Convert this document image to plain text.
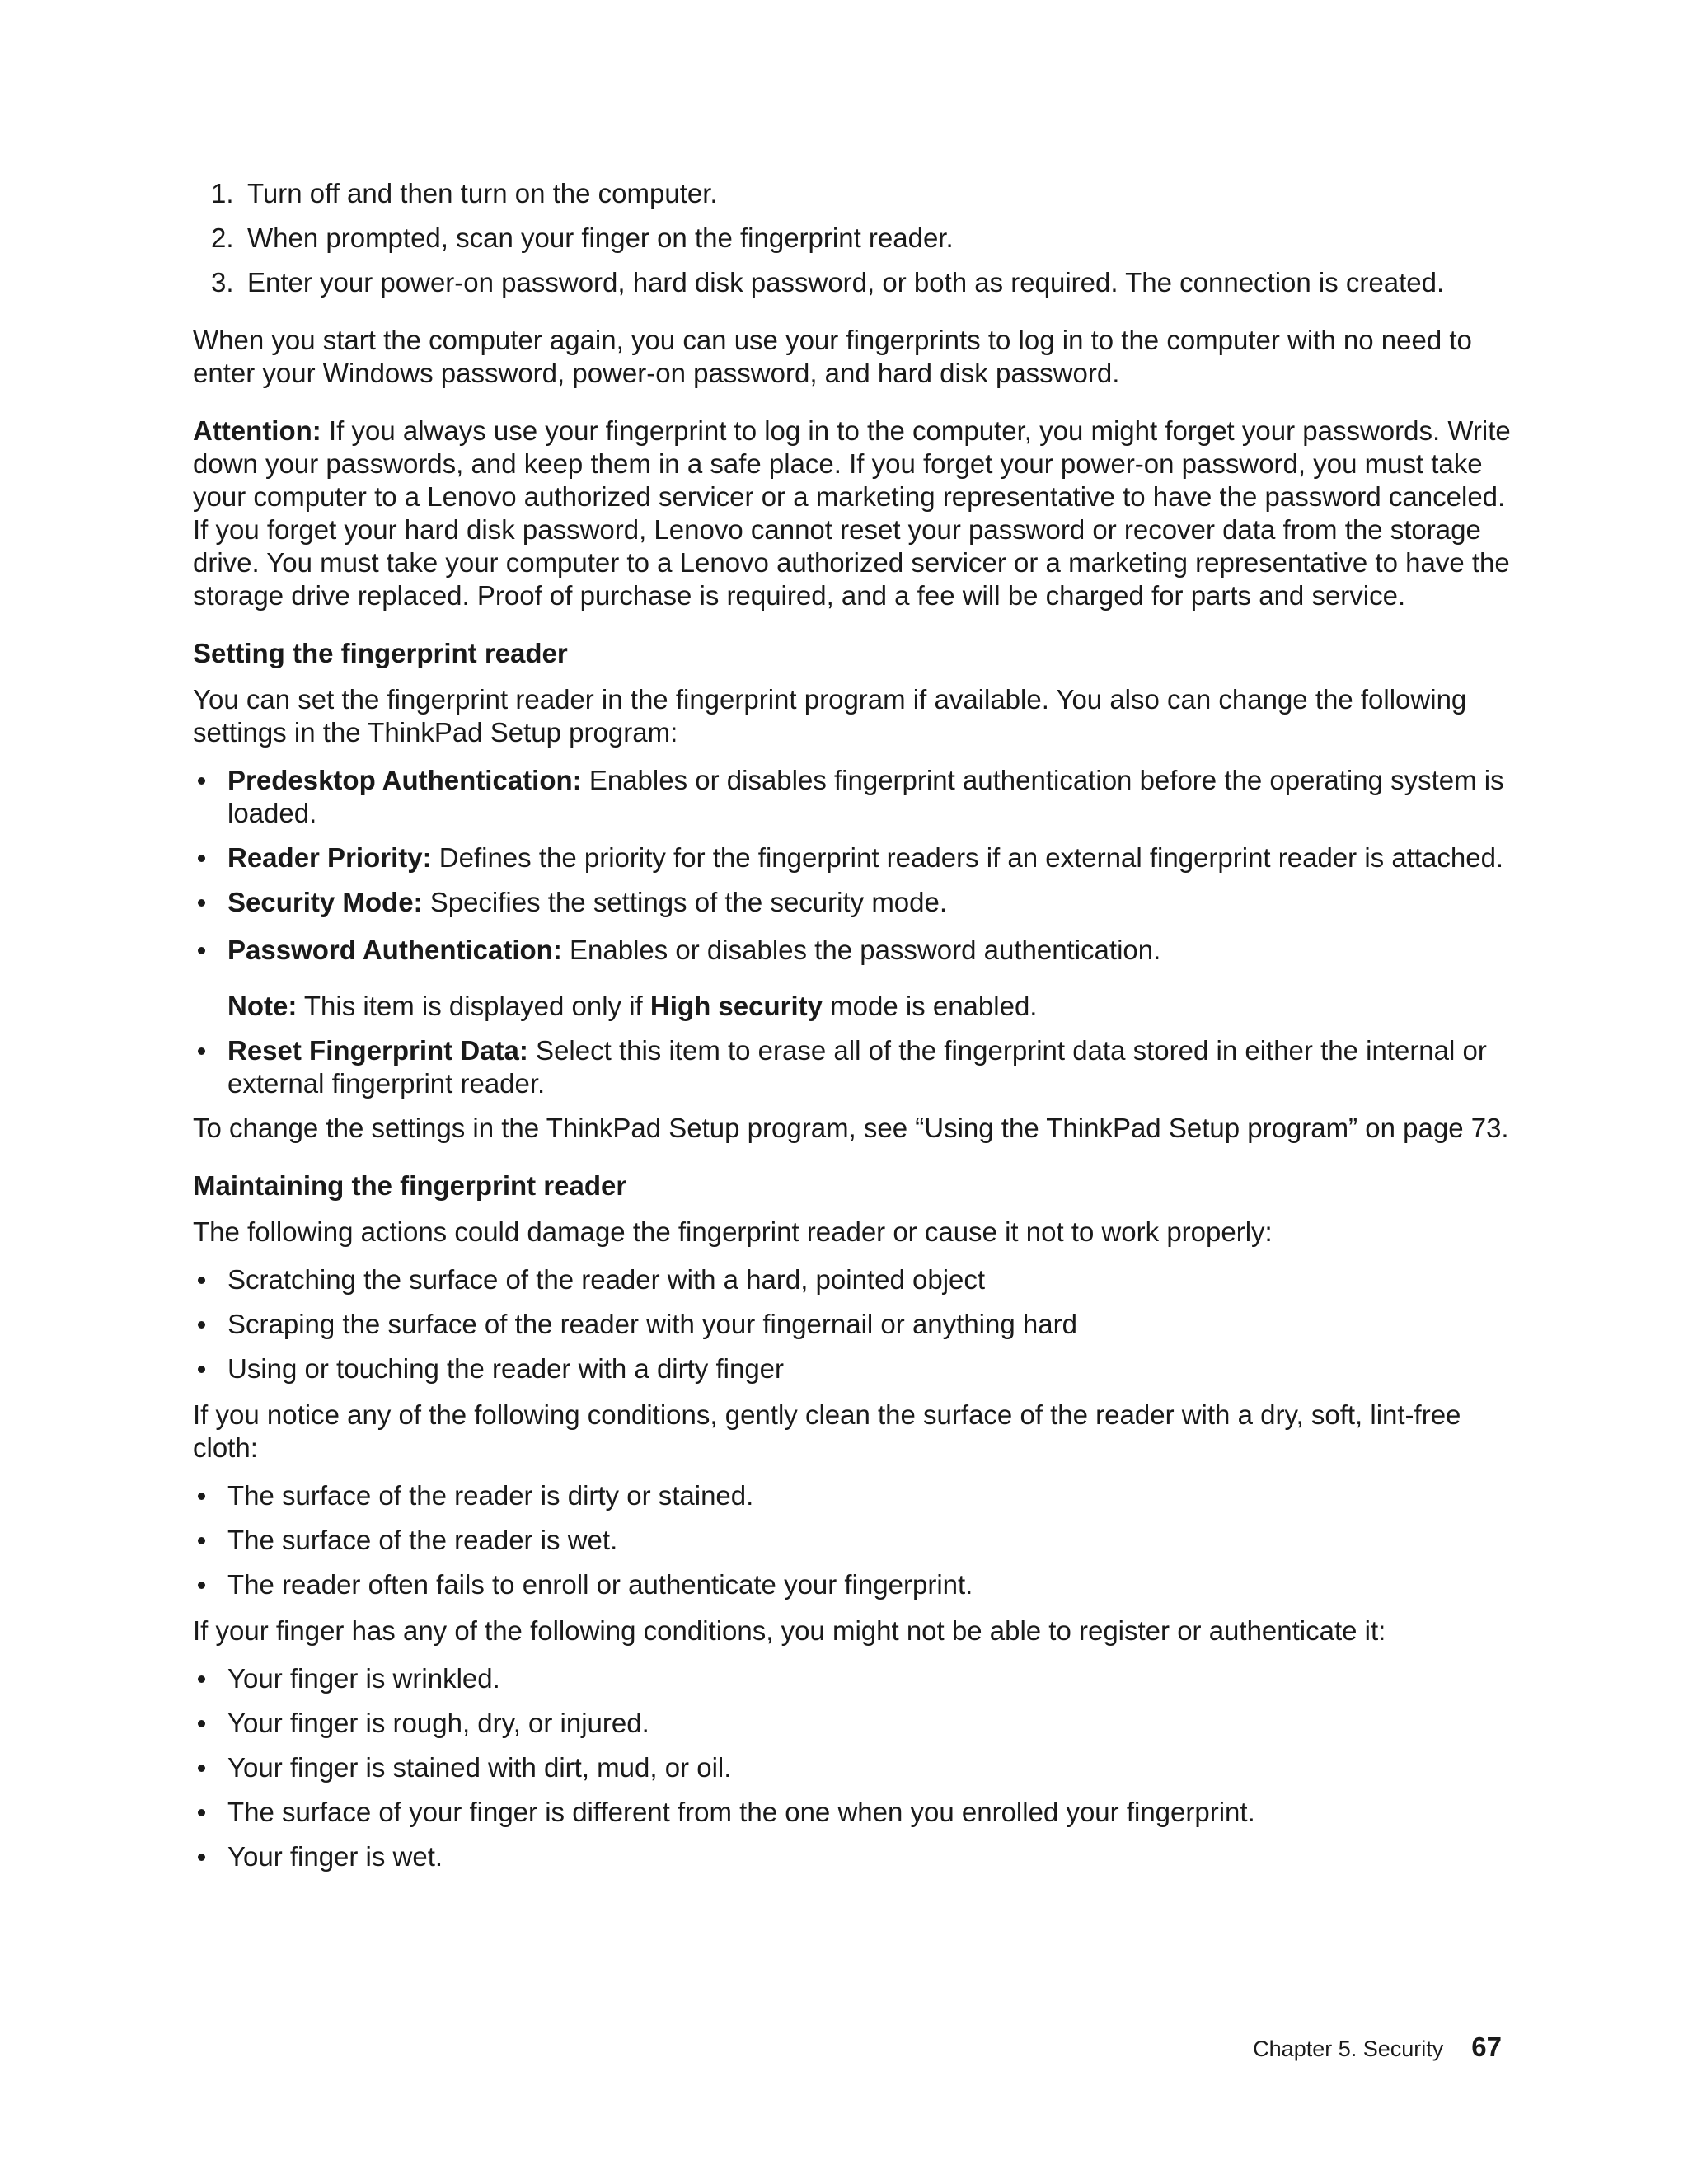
1. Turn off and then turn on the computer.
2. When prompted, scan your finger on the fingerprint reader.
3. Enter your power-on password, hard disk password, or both as required. The connection is created.

When you start the computer again, you can use your fingerprints to log in to the computer with no need to enter your Windows password, power-on password, and hard disk password.

Attention: If you always use your fingerprint to log in to the computer, you might forget your passwords. Write down your passwords, and keep them in a safe place. If you forget your power-on password, you must take your computer to a Lenovo authorized servicer or a marketing representative to have the password canceled. If you forget your hard disk password, Lenovo cannot reset your password or recover data from the storage drive. You must take your computer to a Lenovo authorized servicer or a marketing representative to have the storage drive replaced. Proof of purchase is required, and a fee will be charged for parts and service.

Setting the fingerprint reader

You can set the fingerprint reader in the fingerprint program if available. You also can change the following settings in the ThinkPad Setup program:

Predesktop Authentication: Enables or disables fingerprint authentication before the operating system is loaded.
Reader Priority: Defines the priority for the fingerprint readers if an external fingerprint reader is attached.
Security Mode: Specifies the settings of the security mode.
Password Authentication: Enables or disables the password authentication.
Note: This item is displayed only if High security mode is enabled.
Reset Fingerprint Data: Select this item to erase all of the fingerprint data stored in either the internal or external fingerprint reader.

To change the settings in the ThinkPad Setup program, see “Using the ThinkPad Setup program” on page 73.

Maintaining the fingerprint reader

The following actions could damage the fingerprint reader or cause it not to work properly:

Scratching the surface of the reader with a hard, pointed object
Scraping the surface of the reader with your fingernail or anything hard
Using or touching the reader with a dirty finger

If you notice any of the following conditions, gently clean the surface of the reader with a dry, soft, lint-free cloth:

The surface of the reader is dirty or stained.
The surface of the reader is wet.
The reader often fails to enroll or authenticate your fingerprint.

If your finger has any of the following conditions, you might not be able to register or authenticate it:

Your finger is wrinkled.
Your finger is rough, dry, or injured.
Your finger is stained with dirt, mud, or oil.
The surface of your finger is different from the one when you enrolled your fingerprint.
Your finger is wet.
Chapter 5. Security 67
